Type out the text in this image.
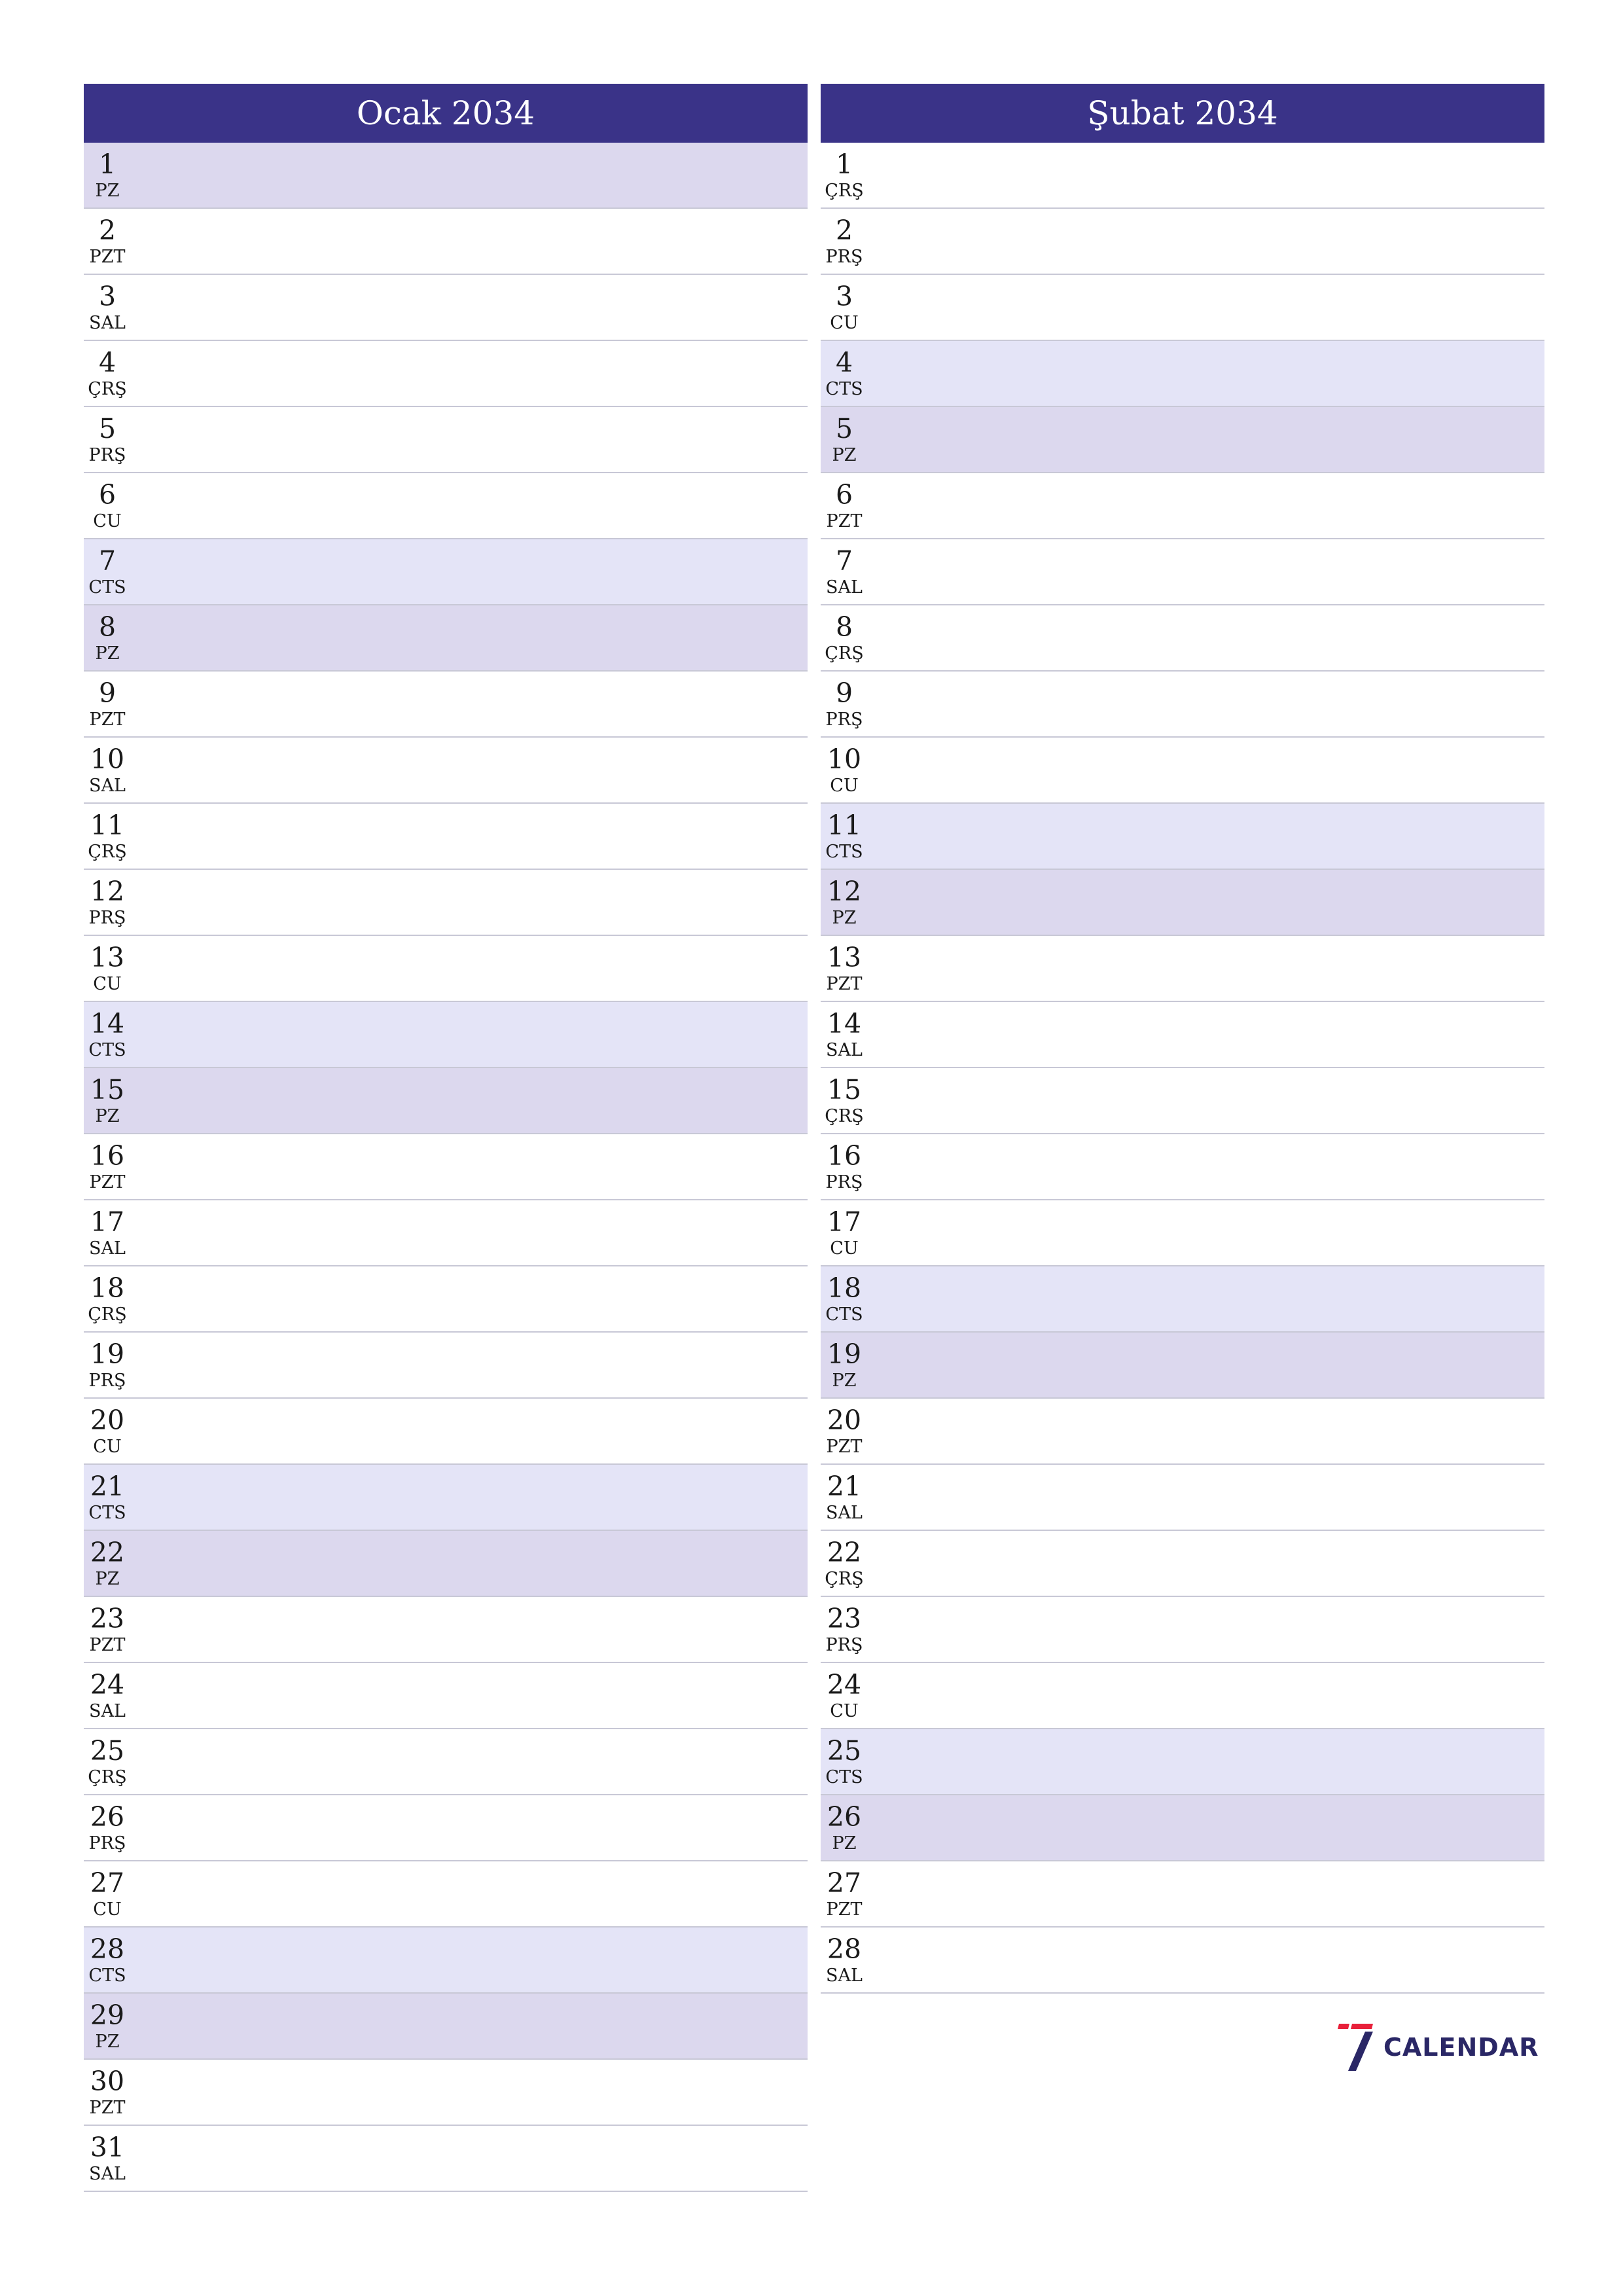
Ocak 2034
1
PZ
2
PZT
3
SAL
4
ÇRŞ
5
PRŞ
6
CU
7
CTS
8
PZ
9
PZT
10
SAL
11
ÇRŞ
12
PRŞ
13
CU
14
CTS
15
PZ
16
PZT
17
SAL
18
ÇRŞ
19
PRŞ
20
CU
21
CTS
22
PZ
23
PZT
24
SAL
25
ÇRŞ
26
PRŞ
27
CU
28
CTS
29
PZ
30
PZT
31
SAL
Şubat 2034
1
ÇRŞ
2
PRŞ
3
CU
4
CTS
5
PZ
6
PZT
7
SAL
8
ÇRŞ
9
PRŞ
10
CU
11
CTS
12
PZ
13
PZT
14
SAL
15
ÇRŞ
16
PRŞ
17
CU
18
CTS
19
PZ
20
PZT
21
SAL
22
ÇRŞ
23
PRŞ
24
CU
25
CTS
26
PZ
27
PZT
28
SAL
CALENDAR
